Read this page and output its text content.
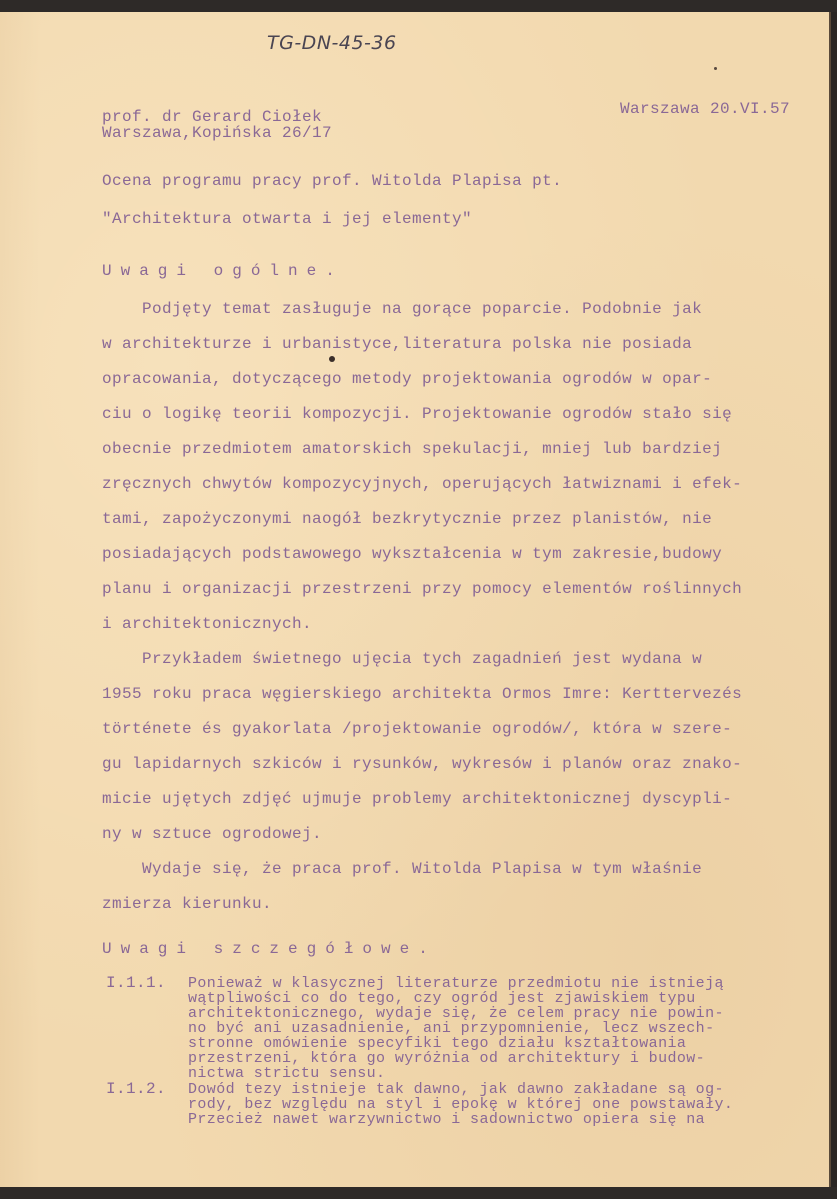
TG-DN-45-36
prof. dr Gerard Ciołek
Warszawa,Kopińska 26/17
Warszawa 20.VI.57
Ocena programu pracy prof. Witolda Plapisa pt.
"Architektura otwarta i jej elementy"
Uwagi ogólne.
Podjęty temat zasługuje na gorące poparcie. Podobnie jak
w architekturze i urbanistyce,literatura polska nie posiada
opracowania, dotyczącego metody projektowania ogrodów w opar-
ciu o logikę teorii kompozycji. Projektowanie ogrodów stało się
obecnie przedmiotem amatorskich spekulacji, mniej lub bardziej
zręcznych chwytów kompozycyjnych, operujących łatwiznami i efek-
tami, zapożyczonymi naogół bezkrytycznie przez planistów, nie
posiadających podstawowego wykształcenia w tym zakresie,budowy
planu i organizacji przestrzeni przy pomocy elementów roślinnych
i architektonicznych.
Przykładem świetnego ujęcia tych zagadnień jest wydana w
1955 roku praca węgierskiego architekta Ormos Imre: Kerttervezés
története és gyakorlata /projektowanie ogrodów/, która w szere-
gu lapidarnych szkiców i rysunków, wykresów i planów oraz znako-
micie ujętych zdjęć ujmuje problemy architektonicznej dyscypli-
ny w sztuce ogrodowej.
Wydaje się, że praca prof. Witolda Plapisa w tym właśnie
zmierza kierunku.
Uwagi szczegółowe.
I.1.1. Ponieważ w klasycznej literaturze przedmiotu nie istnieją
wątpliwości co do tego, czy ogród jest zjawiskiem typu
architektonicznego, wydaje się, że celem pracy nie powin-
no być ani uzasadnienie, ani przypomnienie, lecz wszech-
stronne omówienie specyfiki tego działu kształtowania
przestrzeni, która go wyróżnia od architektury i budow-
nictwa strictu sensu.
I.1.2. Dowód tezy istnieje tak dawno, jak dawno zakładane są og-
rody, bez względu na styl i epokę w której one powstawały.
Przecież nawet warzywnictwo i sadownictwo opiera się na
